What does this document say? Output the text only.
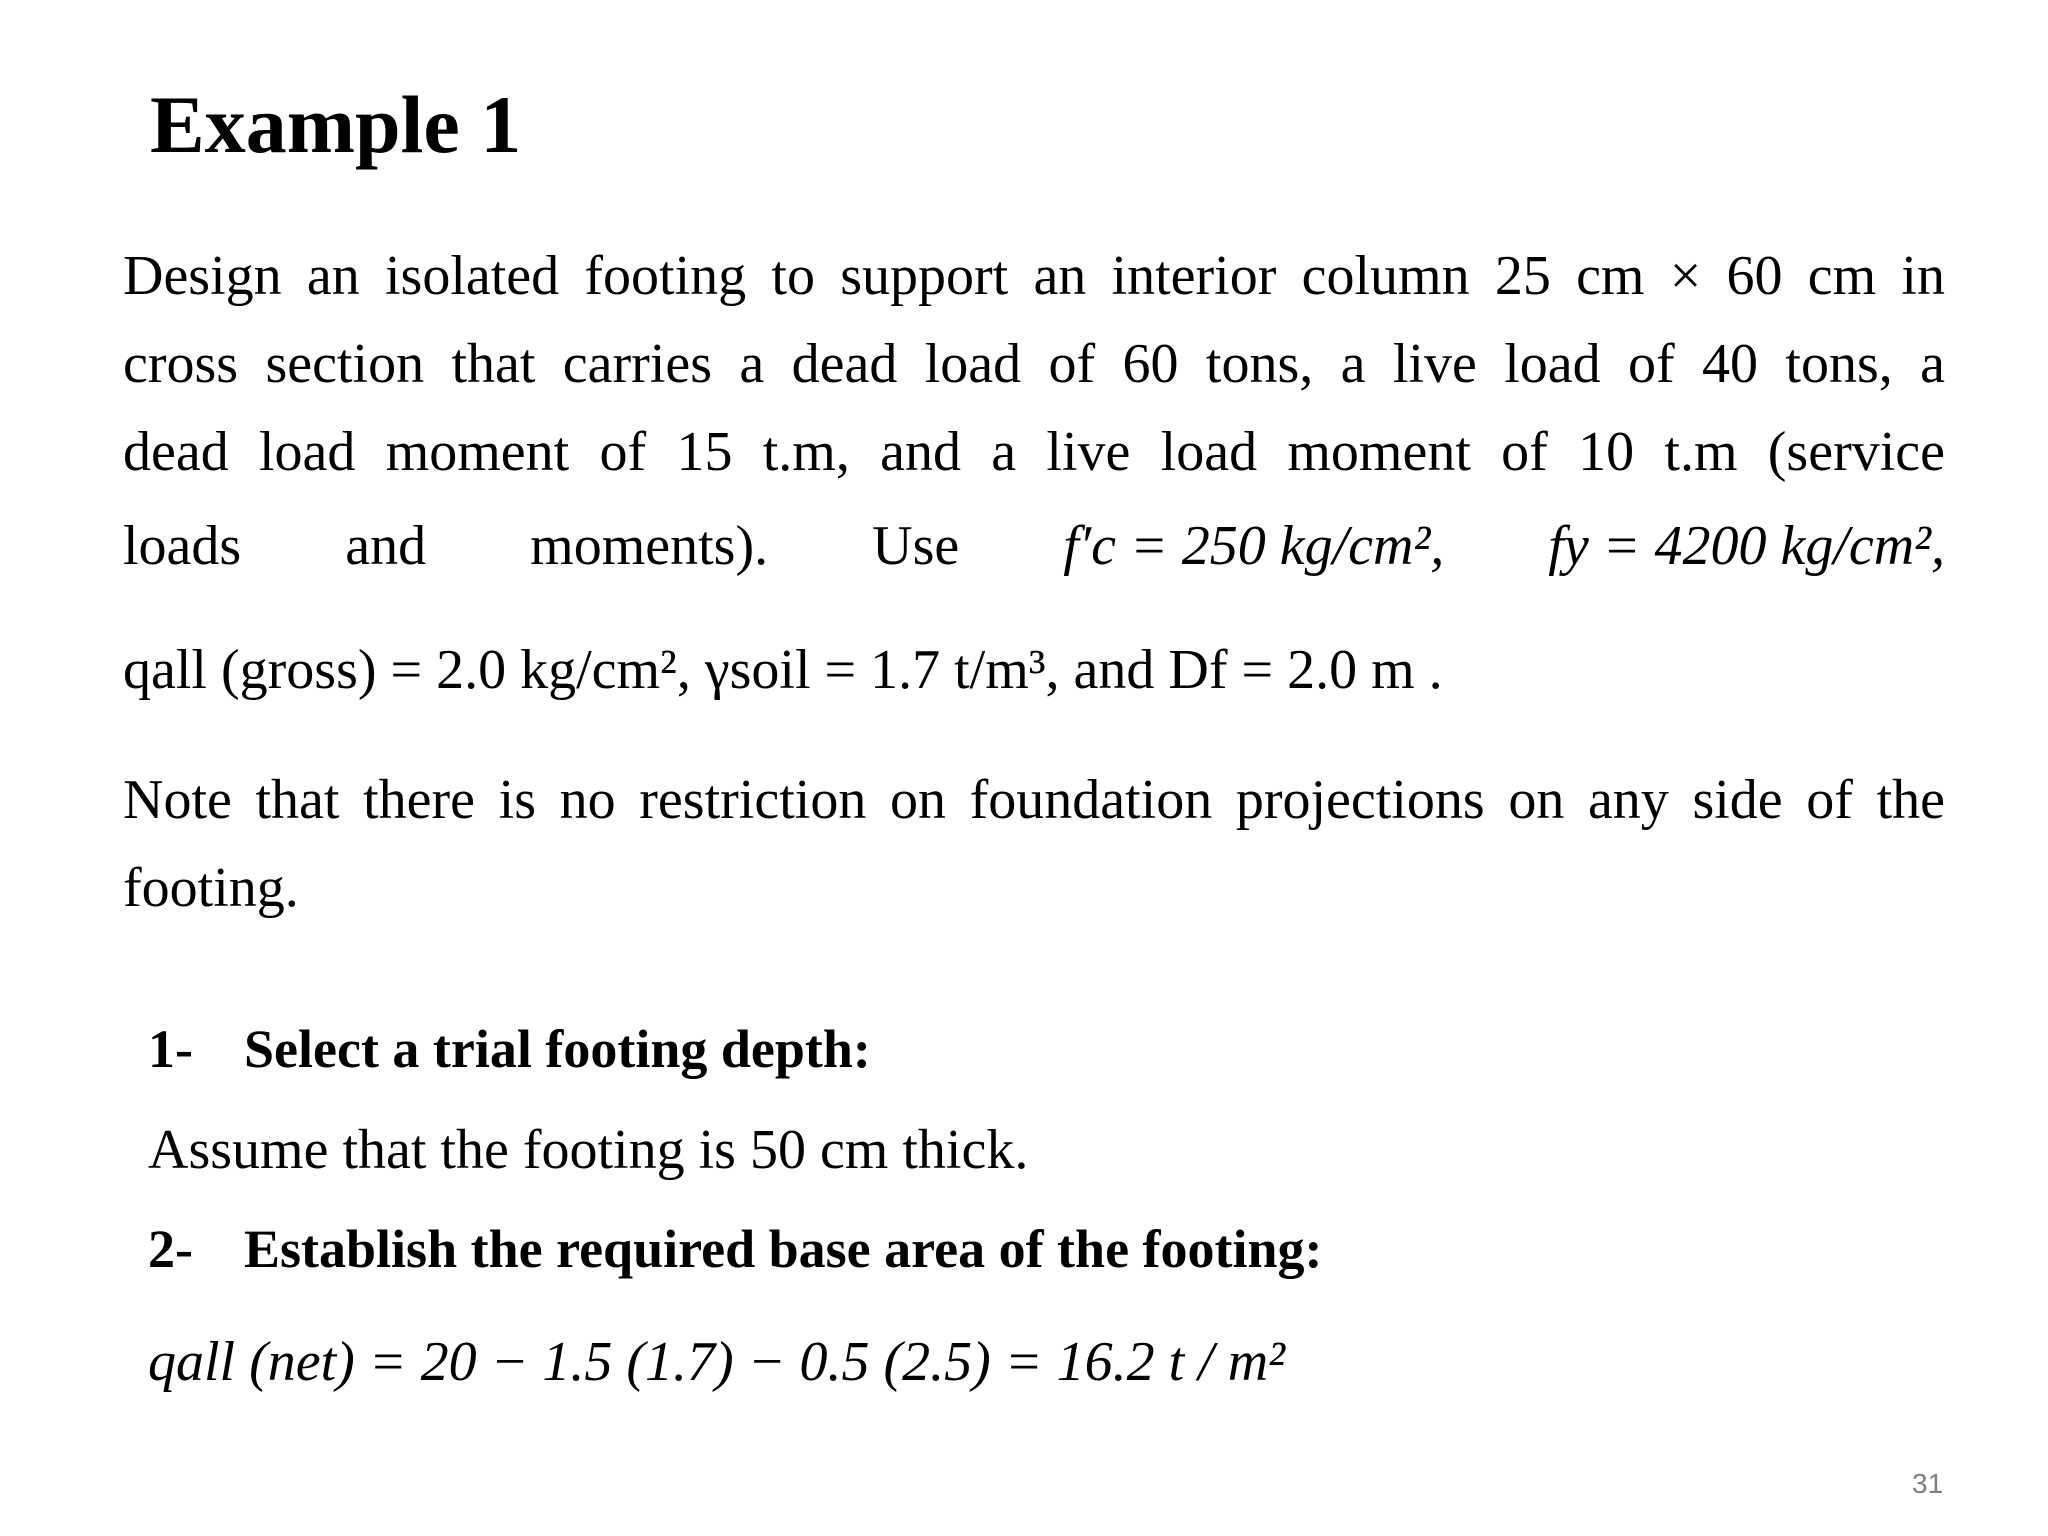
Example 1
Design an isolated footing to support an interior column 25 cm × 60 cm in
cross section that carries a dead load of 60 tons, a live load of 40 tons, a
dead load moment of 15 t.m, and a live load moment of 10 t.m (service
loads and moments). Use f′c = 250 kg/cm², fy = 4200 kg/cm²,
qall (gross) = 2.0 kg/cm², γsoil = 1.7 t/m³, and Df = 2.0 m .
Note that there is no restriction on foundation projections on any side of the
footing.
1- Select a trial footing depth:
Assume that the footing is 50 cm thick.
2- Establish the required base area of the footing:
qall (net) = 20 − 1.5 (1.7) − 0.5 (2.5) = 16.2 t / m²
31
